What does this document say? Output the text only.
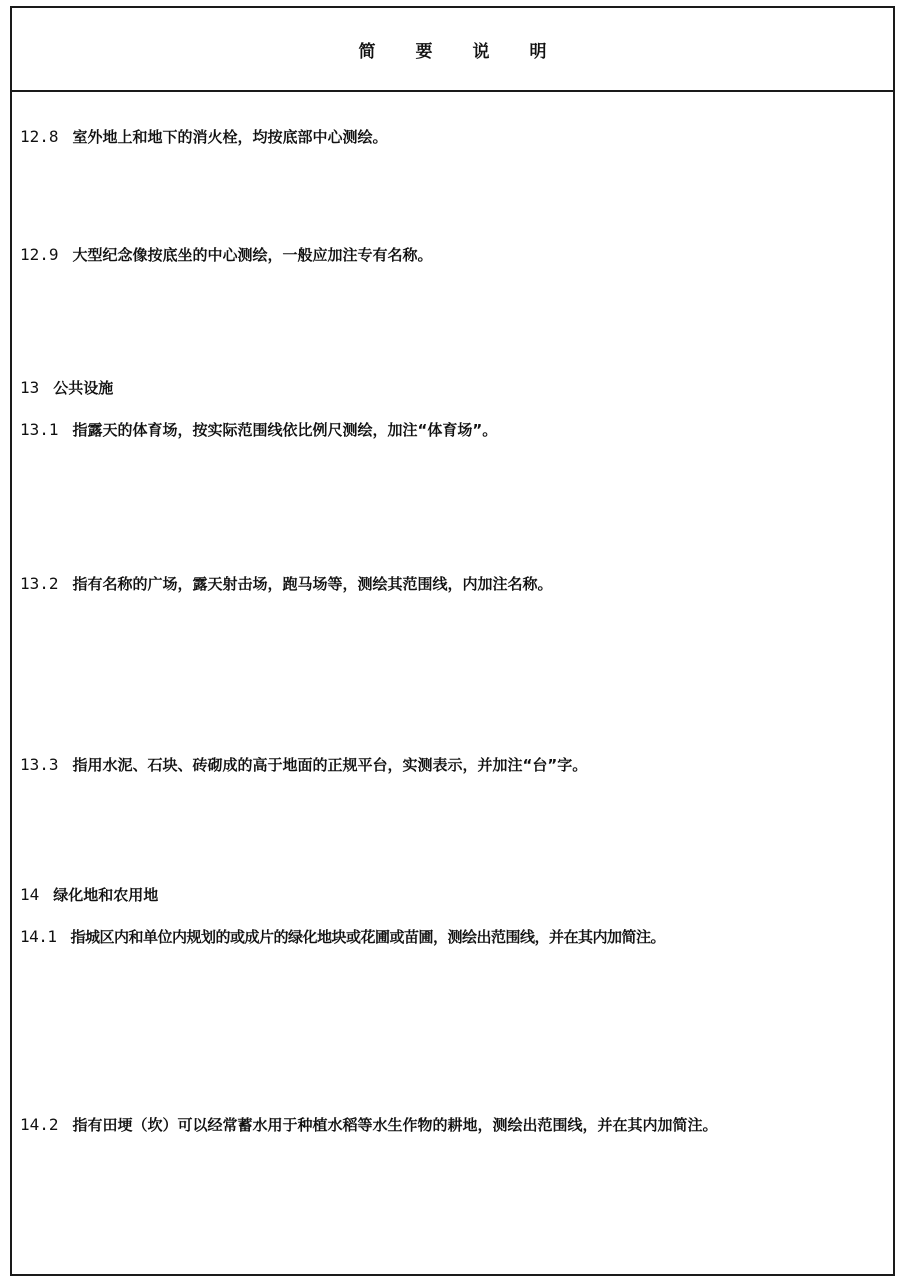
简要说明
12.8 室外地上和地下的消火栓，均按底部中心测绘。
12.9 大型纪念像按底坐的中心测绘，一般应加注专有名称。
13 公共设施
13.1 指露天的体育场，按实际范围线依比例尺测绘，加注“体育场”。
13.2 指有名称的广场，露天射击场，跑马场等，测绘其范围线，内加注名称。
13.3 指用水泥、石块、砖砌成的高于地面的正规平台，实测表示，并加注“台”字。
14 绿化地和农用地
14.1 指城区内和单位内规划的或成片的绿化地块或花圃或苗圃，测绘出范围线，并在其内加简注。
14.2 指有田埂（坎）可以经常蓄水用于种植水稻等水生作物的耕地，测绘出范围线，并在其内加简注。
